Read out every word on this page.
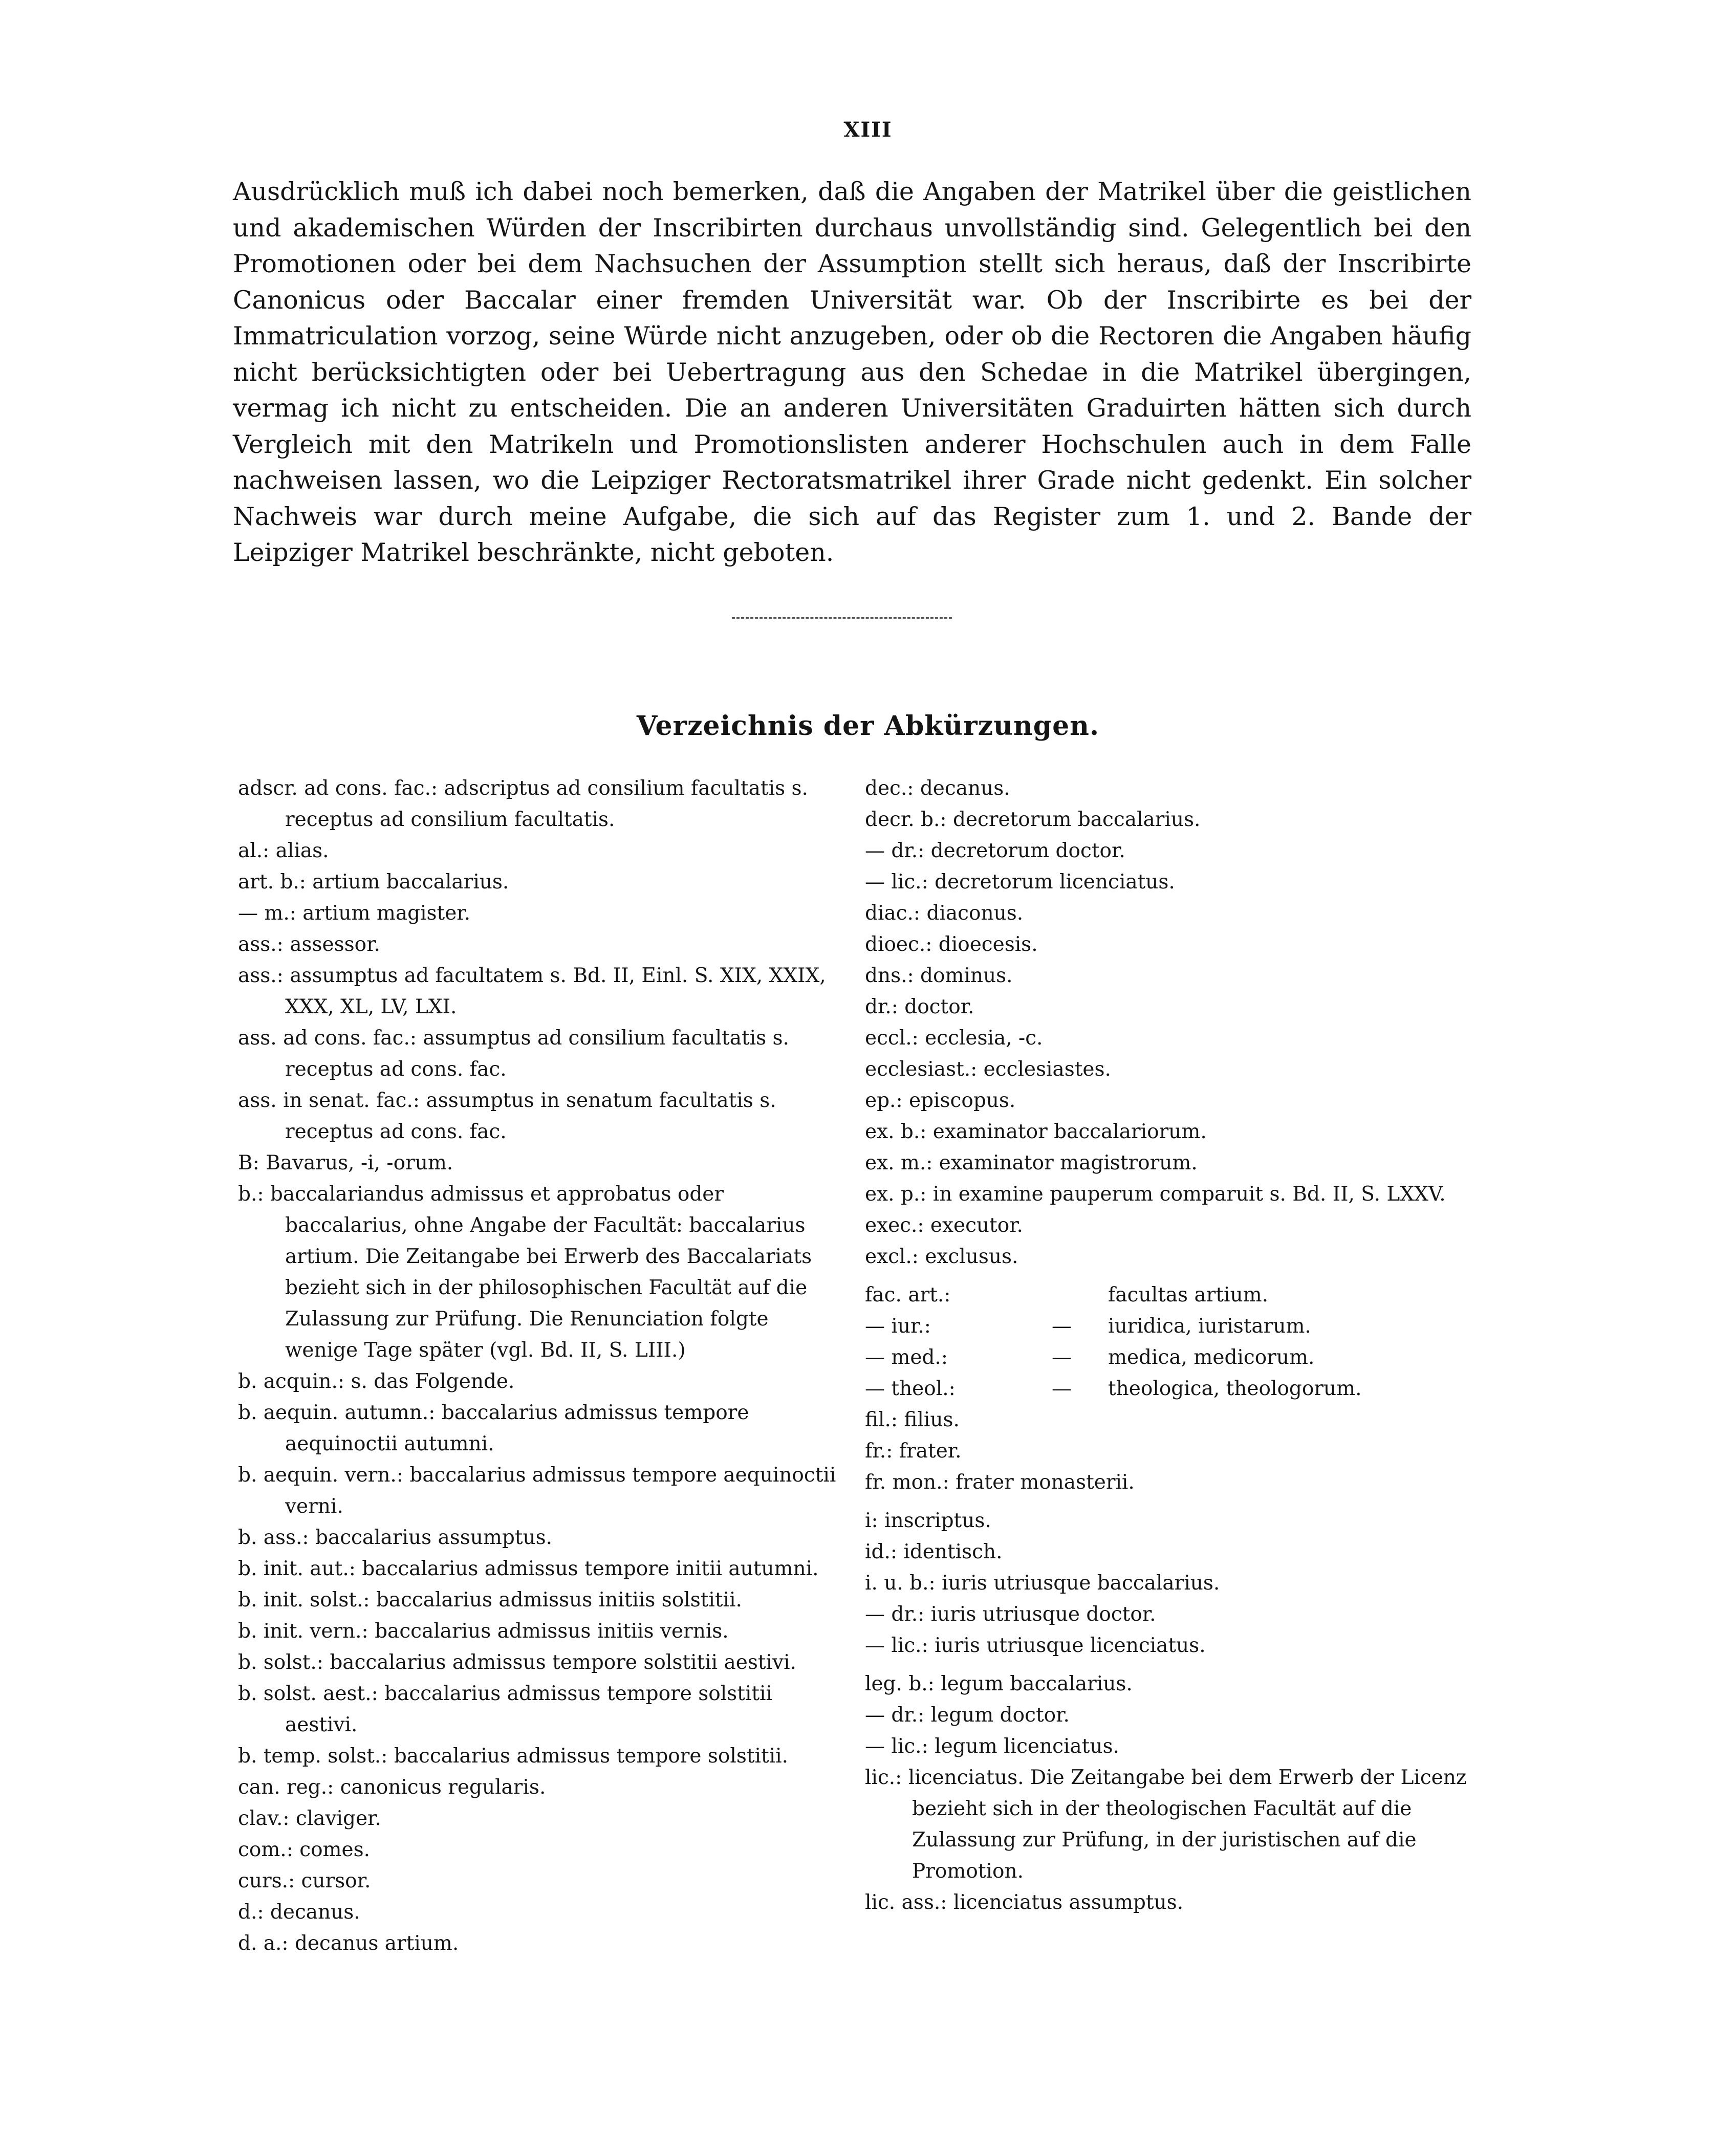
XIII

Ausdrücklich muß ich dabei noch bemerken, daß die Angaben der Matrikel über die geistlichen und akademischen Würden der Inscribirten durchaus unvollständig sind. Gelegentlich bei den Promotionen oder bei dem Nachsuchen der Assumption stellt sich heraus, daß der Inscribirte Canonicus oder Baccalar einer fremden Universität war. Ob der Inscribirte es bei der Immatriculation vorzog, seine Würde nicht anzugeben, oder ob die Rectoren die Angaben häufig nicht berücksichtigten oder bei Uebertragung aus den Schedae in die Matrikel übergingen, vermag ich nicht zu entscheiden. Die an anderen Universitäten Graduirten hätten sich durch Vergleich mit den Matrikeln und Promotionslisten anderer Hochschulen auch in dem Falle nachweisen lassen, wo die Leipziger Rectoratsmatrikel ihrer Grade nicht gedenkt. Ein solcher Nachweis war durch meine Aufgabe, die sich auf das Register zum 1. und 2. Bande der Leipziger Matrikel beschränkte, nicht geboten.

Verzeichnis der Abkürzungen.

adscr. ad cons. fac.: adscriptus ad consilium facultatis s. receptus ad consilium facultatis.

al.: alias.

art. b.: artium baccalarius.

— m.: artium magister.

ass.: assessor.

ass.: assumptus ad facultatem s. Bd. II, Einl. S. XIX, XXIX, XXX, XL, LV, LXI.

ass. ad cons. fac.: assumptus ad consilium facultatis s. receptus ad cons. fac.

ass. in senat. fac.: assumptus in senatum facultatis s. receptus ad cons. fac.

B: Bavarus, -i, -orum.

b.: baccalariandus admissus et approbatus oder baccalarius, ohne Angabe der Facultät: baccalarius artium. Die Zeitangabe bei Erwerb des Baccalariats bezieht sich in der philosophischen Facultät auf die Zulassung zur Prüfung. Die Renunciation folgte wenige Tage später (vgl. Bd. II, S. LIII.)

b. acquin.: s. das Folgende.

b. aequin. autumn.: baccalarius admissus tempore aequinoctii autumni.

b. aequin. vern.: baccalarius admissus tempore aequinoctii verni.

b. ass.: baccalarius assumptus.

b. init. aut.: baccalarius admissus tempore initii autumni.

b. init. solst.: baccalarius admissus initiis solstitii.

b. init. vern.: baccalarius admissus initiis vernis.

b. solst.: baccalarius admissus tempore solstitii aestivi.

b. solst. aest.: baccalarius admissus tempore solstitii aestivi.

b. temp. solst.: baccalarius admissus tempore solstitii.

can. reg.: canonicus regularis.

clav.: claviger.

com.: comes.

curs.: cursor.

d.: decanus.

d. a.: decanus artium.

dec.: decanus.

decr. b.: decretorum baccalarius.

— dr.: decretorum doctor.

— lic.: decretorum licenciatus.

diac.: diaconus.

dioec.: dioecesis.

dns.: dominus.

dr.: doctor.

eccl.: ecclesia, -c.

ecclesiast.: ecclesiastes.

ep.: episcopus.

ex. b.: examinator baccalariorum.

ex. m.: examinator magistrorum.

ex. p.: in examine pauperum comparuit s. Bd. II, S. LXXV.

exec.: executor.

excl.: exclusus.

fac. art.:	facultas artium.
— iur.:	—	iuridica, iuristarum.
— med.:	—	medica, medicorum.
— theol.:	—	theologica, theologorum.

fil.: filius.

fr.: frater.

fr. mon.: frater monasterii.

i: inscriptus.

id.: identisch.

i. u. b.: iuris utriusque baccalarius.

— dr.: iuris utriusque doctor.

— lic.: iuris utriusque licenciatus.

leg. b.: legum baccalarius.

— dr.: legum doctor.

— lic.: legum licenciatus.

lic.: licenciatus. Die Zeitangabe bei dem Erwerb der Licenz bezieht sich in der theologischen Facultät auf die Zulassung zur Prüfung, in der juristischen auf die Promotion.

lic. ass.: licenciatus assumptus.
